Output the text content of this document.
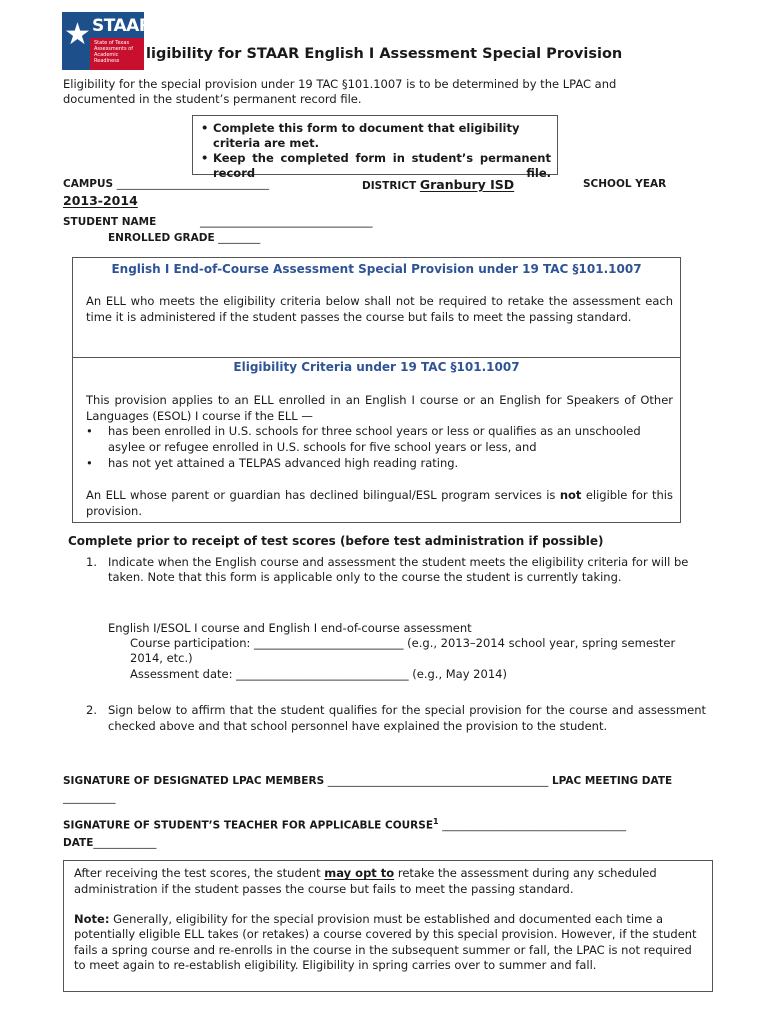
★ STAAR
State of Texas Assessments of Academic Readiness	ligibility for STAAR English I Assessment Special Provision
Eligibility for the special provision under 19 TAC §101.1007 is to be determined by the LPAC and documented in the student’s permanent record file.
• Complete this form to document that eligibility criteria are met.
• Keep the completed form in student’s permanent record file.
CAMPUS _____________________________	DISTRICT Granbury ISD	SCHOOL YEAR
2013-2014
STUDENT NAME	______________________________
ENROLLED GRADE ________
English I End-of-Course Assessment Special Provision under 19 TAC §101.1007
An ELL who meets the eligibility criteria below shall not be required to retake the assessment each time it is administered if the student passes the course but fails to meet the passing standard.
Eligibility Criteria under 19 TAC §101.1007
This provision applies to an ELL enrolled in an English I course or an English for Speakers of Other Languages (ESOL) I course if the ELL —
•	has been enrolled in U.S. schools for three school years or less or qualifies as an unschooled asylee or refugee enrolled in U.S. schools for five school years or less, and
•	has not yet attained a TELPAS advanced high reading rating.
An ELL whose parent or guardian has declined bilingual/ESL program services is not eligible for this provision.
Complete prior to receipt of test scores (before test administration if possible)
1. Indicate when the English course and assessment the student meets the eligibility criteria for will be taken. Note that this form is applicable only to the course the student is currently taking.
English I/ESOL I course and English I end-of-course assessment
Course participation: __________________________ (e.g., 2013–2014 school year, spring semester 2014, etc.)
Assessment date: ______________________________ (e.g., May 2014)
2. Sign below to affirm that the student qualifies for the special provision for the course and assessment checked above and that school personnel have explained the provision to the student.
SIGNATURE OF DESIGNATED LPAC MEMBERS __________________________________________ LPAC MEETING DATE __________
SIGNATURE OF STUDENT’S TEACHER FOR APPLICABLE COURSE$^1$ ___________________________________ DATE____________
After receiving the test scores, the student may opt to retake the assessment during any scheduled administration if the student passes the course but fails to meet the passing standard.
Note: Generally, eligibility for the special provision must be established and documented each time a potentially eligible ELL takes (or retakes) a course covered by this special provision. However, if the student fails a spring course and re-enrolls in the course in the subsequent summer or fall, the LPAC is not required to meet again to re-establish eligibility. Eligibility in spring carries over to summer and fall.
